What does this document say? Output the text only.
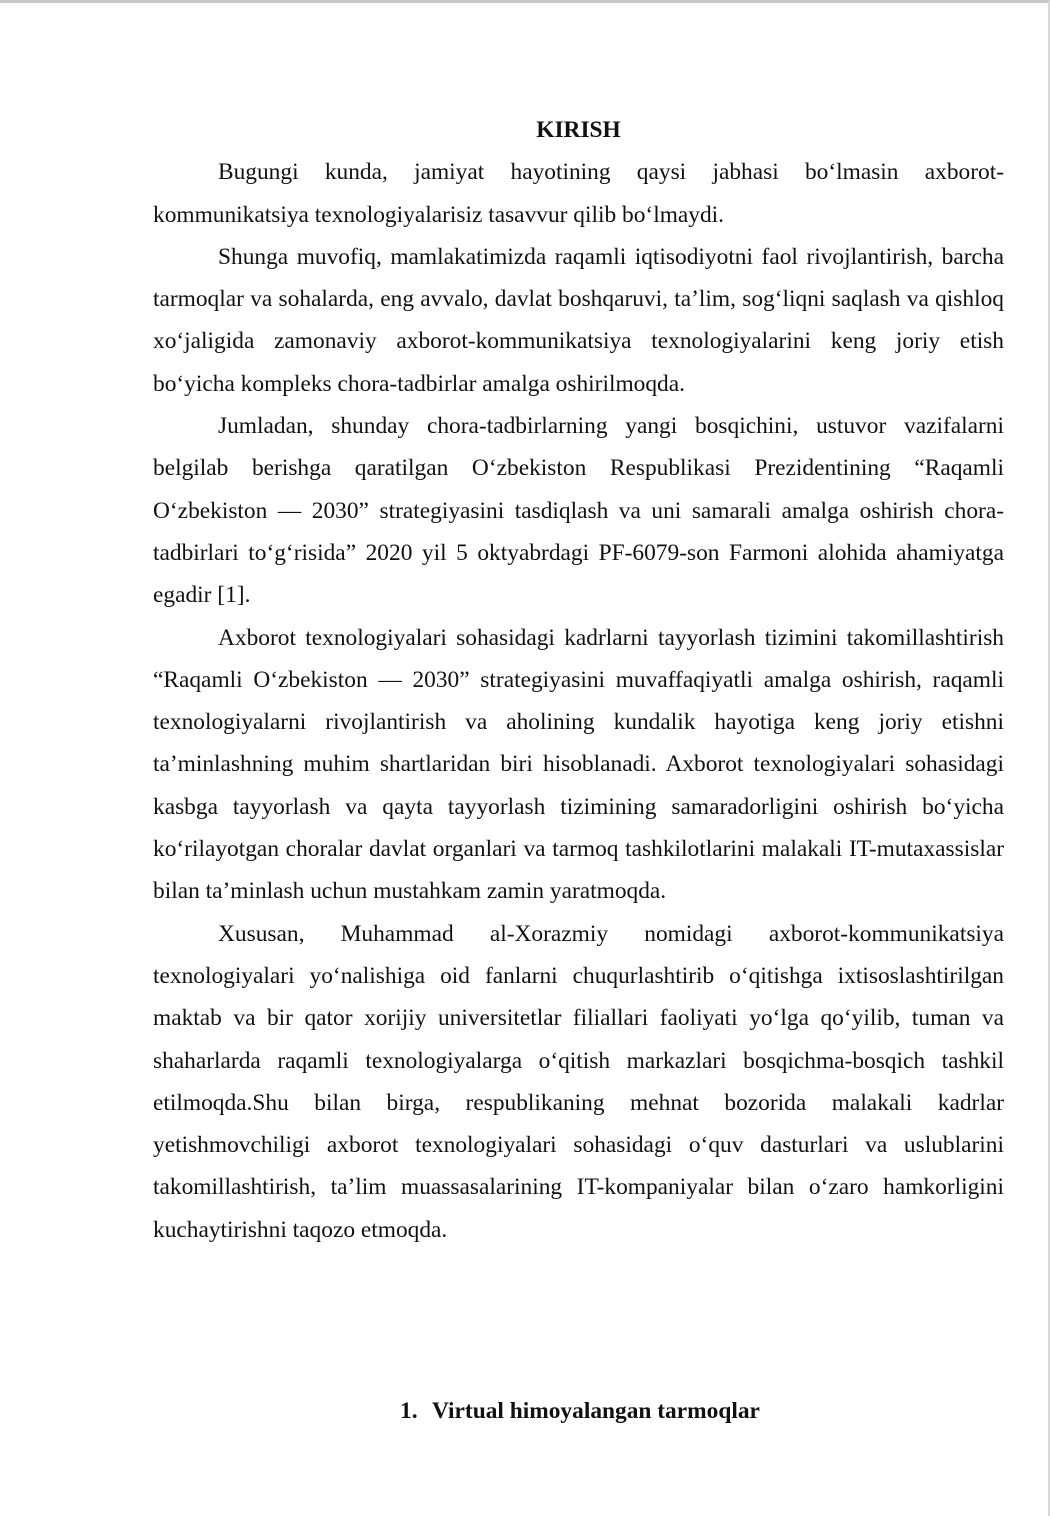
KIRISH

Bugungi kunda, jamiyat hayotining qaysi jabhasi bo‘lmasin axborot-kommunikatsiya texnologiyalarisiz tasavvur qilib bo‘lmaydi.

Shunga muvofiq, mamlakatimizda raqamli iqtisodiyotni faol rivojlantirish, barcha tarmoqlar va sohalarda, eng avvalo, davlat boshqaruvi, ta’lim, sog‘liqni saqlash va qishloq xo‘jaligida zamonaviy axborot-kommunikatsiya texnologiyalarini keng joriy etish bo‘yicha kompleks chora-tadbirlar amalga oshirilmoqda.

Jumladan, shunday chora-tadbirlarning yangi bosqichini, ustuvor vazifalarni belgilab berishga qaratilgan O‘zbekiston Respublikasi Prezidentining “Raqamli O‘zbekiston — 2030” strategiyasini tasdiqlash va uni samarali amalga oshirish chora-tadbirlari to‘g‘risida” 2020 yil 5 oktyabrdagi PF-6079-son Farmoni alohida ahamiyatga egadir [1].

Axborot texnologiyalari sohasidagi kadrlarni tayyorlash tizimini takomillashtirish “Raqamli O‘zbekiston — 2030” strategiyasini muvaffaqiyatli amalga oshirish, raqamli texnologiyalarni rivojlantirish va aholining kundalik hayotiga keng joriy etishni ta’minlashning muhim shartlaridan biri hisoblanadi. Axborot texnologiyalari sohasidagi kasbga tayyorlash va qayta tayyorlash tizimining samaradorligini oshirish bo‘yicha ko‘rilayotgan choralar davlat organlari va tarmoq tashkilotlarini malakali IT-mutaxassislar bilan ta’minlash uchun mustahkam zamin yaratmoqda.

Xususan, Muhammad al-Xorazmiy nomidagi axborot-kommunikatsiya texnologiyalari yo‘nalishiga oid fanlarni chuqurlashtirib o‘qitishga ixtisoslashtirilgan maktab va bir qator xorijiy universitetlar filiallari faoliyati yo‘lga qo‘yilib, tuman va shaharlarda raqamli texnologiyalarga o‘qitish markazlari bosqichma-bosqich tashkil etilmoqda.Shu bilan birga, respublikaning mehnat bozorida malakali kadrlar yetishmovchiligi axborot texnologiyalari sohasidagi o‘quv dasturlari va uslublarini takomillashtirish, ta’lim muassasalarining IT-kompaniyalar bilan o‘zaro hamkorligini kuchaytirishni taqozo etmoqda.

1. Virtual himoyalangan tarmoqlar
